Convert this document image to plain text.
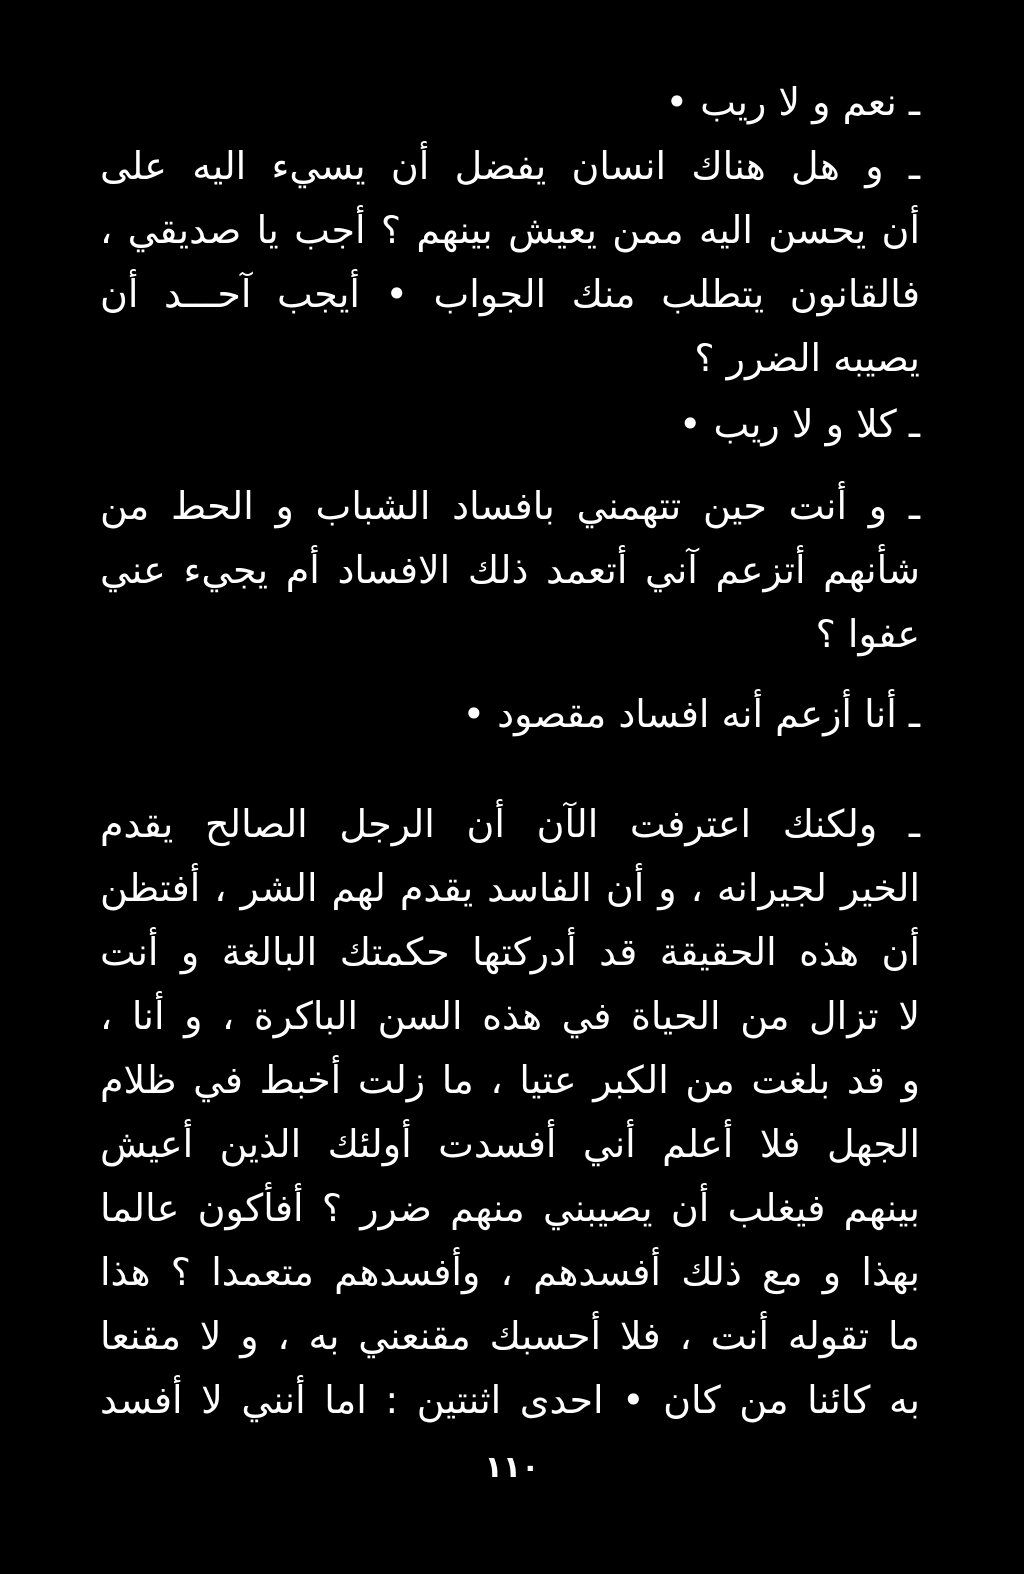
ـ نعم و لا ريب •
ـ و هل هناك انسان يفضل أن يسيء اليه على
أن يحسن اليه ممن يعيش بينهم ؟ أجب يا صديقي ،
فالقانون يتطلب منك الجواب • أيجب آحـــد أن
يصيبه الضرر ؟
ـ كلا و لا ريب •
ـ و أنت حين تتهمني بافساد الشباب و الحط من
شأنهم أتزعم آني أتعمد ذلك الافساد أم يجيء عني
عفوا ؟
ـ أنا أزعم أنه افساد مقصود •
ـ ولكنك اعترفت الآن أن الرجل الصالح يقدم
الخير لجيرانه ، و أن الفاسد يقدم لهم الشر ، أفتظن
أن هذه الحقيقة قد أدركتها حكمتك البالغة و أنت
لا تزال من الحياة في هذه السن الباكرة ، و أنا ،
و قد بلغت من الكبر عتيا ، ما زلت أخبط في ظلام
الجهل فلا أعلم أني أفسدت أولئك الذين أعيش
بينهم فيغلب أن يصيبني منهم ضرر ؟ أفأكون عالما
بهذا و مع ذلك أفسدهم ، وأفسدهم متعمدا ؟ هذا
ما تقوله أنت ، فلا أحسبك مقنعني به ، و لا مقنعا
به كائنا من كان • احدى اثنتين : اما أنني لا أفسد
١١٠
